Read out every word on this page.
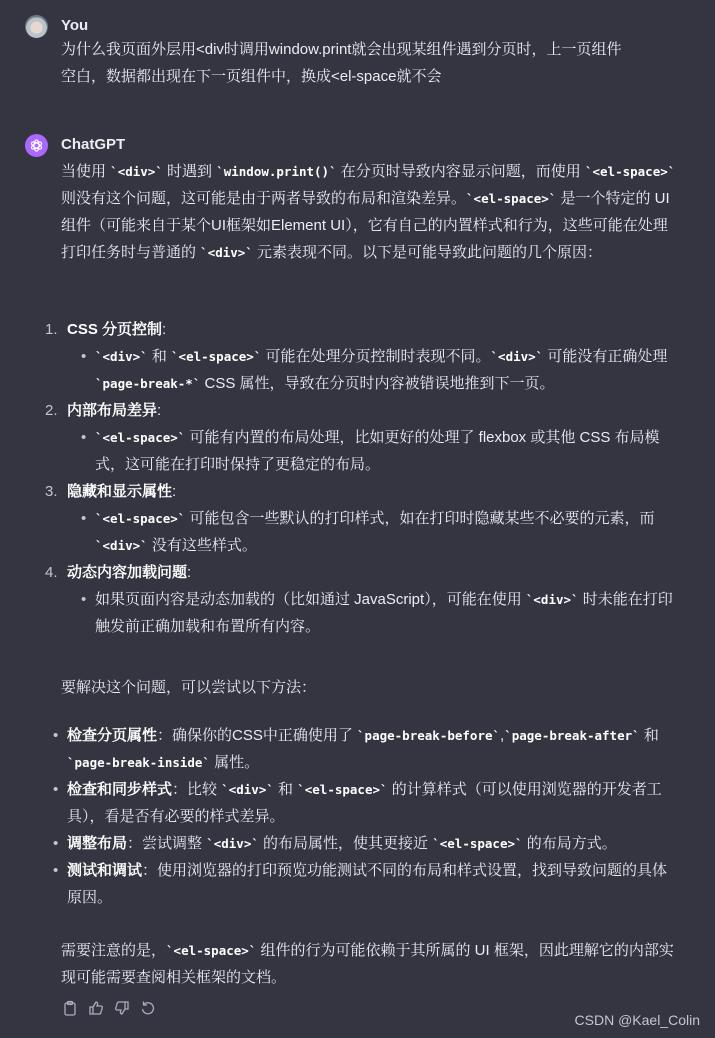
You
为什么我页面外层用<div时调用window.print就会出现某组件遇到分页时，上一页组件
空白，数据都出现在下一页组件中，换成<el-space就不会
ChatGPT
当使用 `<div>` 时遇到 `window.print()` 在分页时导致内容显示问题，而使用 `<el-space>` 则没有这个问题，这可能是由于两者导致的布局和渲染差异。`<el-space>` 是一个特定的 UI 组件（可能来自于某个UI框架如Element UI），它有自己的内置样式和行为，这些可能在处理打印任务时与普通的 `<div>` 元素表现不同。以下是可能导致此问题的几个原因：
1. CSS 分页控制:
• `<div>` 和 `<el-space>` 可能在处理分页控制时表现不同。`<div>` 可能没有正确处理 `page-break-*` CSS 属性，导致在分页时内容被错误地推到下一页。
2. 内部布局差异:
• `<el-space>` 可能有内置的布局处理，比如更好的处理了 flexbox 或其他 CSS 布局模式，这可能在打印时保持了更稳定的布局。
3. 隐藏和显示属性:
• `<el-space>` 可能包含一些默认的打印样式，如在打印时隐藏某些不必要的元素，而 `<div>` 没有这些样式。
4. 动态内容加载问题:
• 如果页面内容是动态加载的（比如通过 JavaScript），可能在使用 `<div>` 时未能在打印触发前正确加载和布置所有内容。
要解决这个问题，可以尝试以下方法：
• 检查分页属性：确保你的CSS中正确使用了 `page-break-before`,`page-break-after` 和 `page-break-inside` 属性。
• 检查和同步样式：比较 `<div>` 和 `<el-space>` 的计算样式（可以使用浏览器的开发者工具），看是否有必要的样式差异。
• 调整布局：尝试调整 `<div>` 的布局属性，使其更接近 `<el-space>` 的布局方式。
• 测试和调试：使用浏览器的打印预览功能测试不同的布局和样式设置，找到导致问题的具体原因。
需要注意的是，`<el-space>` 组件的行为可能依赖于其所属的 UI 框架，因此理解它的内部实现可能需要查阅相关框架的文档。
CSDN @Kael_Colin
